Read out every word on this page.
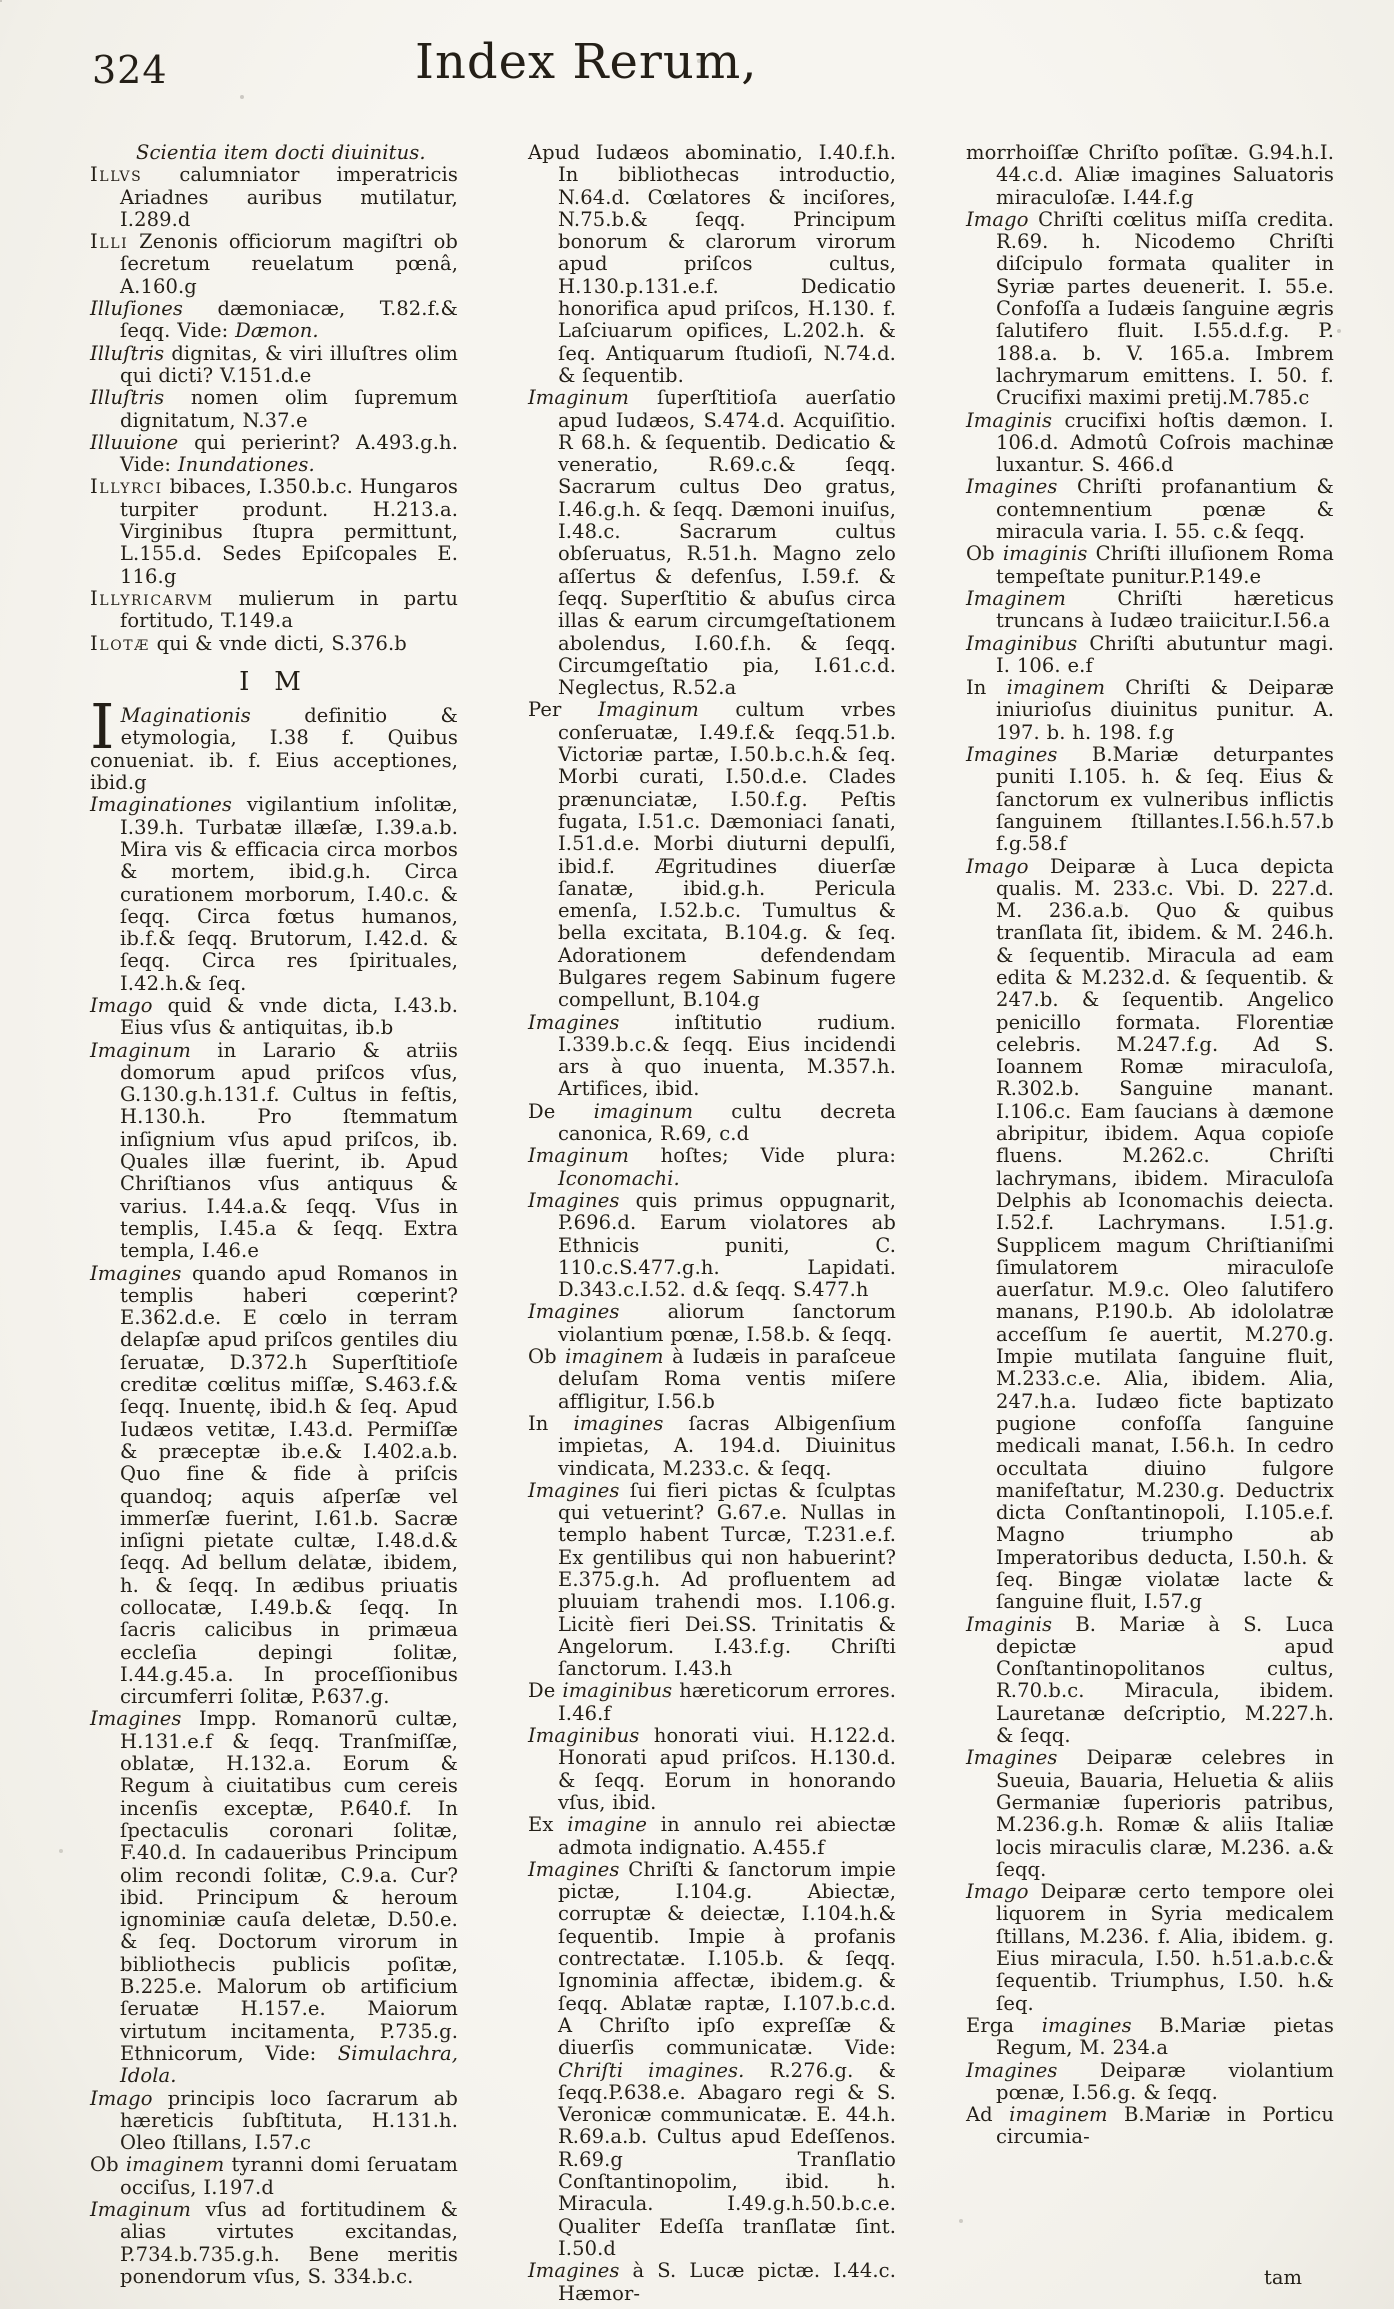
324	Index Rerum,

Scientia item docti diuinitus.

Illvs calumniator imperatricis Ariadnes auribus mutilatur, I.289.d

Illi Zenonis officiorum magiſtri ob ſecretum reuelatum pœnâ, A.160.g

Illuſiones dæmoniacæ, T.82.f.& ſeqq. Vide: Dæmon.

Illuſtris dignitas, & viri illuſtres olim qui dicti? V.151.d.e

Illuſtris nomen olim ſupremum dignitatum, N.37.e

Illuuione qui perierint? A.493.g.h. Vide: Inundationes.

Illyrci bibaces, I.350.b.c. Hungaros turpiter produnt. H.213.a. Virginibus ſtupra permittunt, L.155.d. Sedes Epiſcopales E. 116.g

Illyricarvm mulierum in partu fortitudo, T.149.a

Ilotæ qui & vnde dicti, S.376.b

I M

I Maginationis definitio & etymologia, I.38 f. Quibus conueniat. ib. f. Eius acceptiones, ibid.g

Imaginationes vigilantium inſolitæ, I.39.h. Turbatæ illæſæ, I.39.a.b. Mira vis & efficacia circa morbos & mortem, ibid.g.h. Circa curationem morborum, I.40.c. & ſeqq. Circa fœtus humanos, ib.f.& ſeqq. Brutorum, I.42.d. & ſeqq. Circa res ſpirituales, I.42.h.& ſeq.

Imago quid & vnde dicta, I.43.b. Eius vſus & antiquitas, ib.b

Imaginum in Larario & atriis domorum apud priſcos vſus, G.130.g.h.131.f. Cultus in feſtis, H.130.h. Pro ſtemmatum inſignium vſus apud priſcos, ib. Quales illæ fuerint, ib. Apud Chriſtianos vſus antiquus & varius. I.44.a.& ſeqq. Vſus in templis, I.45.a & ſeqq. Extra templa, I.46.e

Imagines quando apud Romanos in templis haberi cœperint? E.362.d.e. E cœlo in terram delapſæ apud priſcos gentiles diu ſeruatæ, D.372.h Superſtitioſe creditæ cœlitus miſſæ, S.463.f.& ſeqq. Inuentę, ibid.h & ſeq. Apud Iudæos vetitæ, I.43.d. Permiſſæ & præceptæ ib.e.& I.402.a.b. Quo fine & fide à priſcis quandoq; aquis aſperſæ vel immerſæ fuerint, I.61.b. Sacræ inſigni pietate cultæ, I.48.d.& ſeqq. Ad bellum delatæ, ibidem, h. & ſeqq. In ædibus priuatis collocatæ, I.49.b.& ſeqq. In ſacris calicibus in primæua eccleſia depingi ſolitæ, I.44.g.45.a. In proceſſionibus circumferri ſolitæ, P.637.g.

Imagines Impp. Romanorū cultæ, H.131.e.f & ſeqq. Tranſmiſſæ, oblatæ, H.132.a. Eorum & Regum à ciuitatibus cum cereis incenſis exceptæ, P.640.f. In ſpectaculis coronari ſolitæ, F.40.d. In cadaueribus Principum olim recondi ſolitæ, C.9.a. Cur? ibid. Principum & heroum ignominiæ cauſa deletæ, D.50.e. & ſeq. Doctorum virorum in bibliothecis publicis poſitæ, B.225.e. Malorum ob artificium ſeruatæ H.157.e. Maiorum virtutum incitamenta, P.735.g. Ethnicorum, Vide: Simulachra, Idola.

Imago principis loco ſacrarum ab hæreticis ſubſtituta, H.131.h. Oleo ſtillans, I.57.c

Ob imaginem tyranni domi ſeruatam occiſus, I.197.d

Imaginum vſus ad fortitudinem & alias virtutes excitandas, P.734.b.735.g.h. Bene meritis ponendorum vſus, S. 334.b.c.

Apud Iudæos abominatio, I.40.f.h. In bibliothecas introductio, N.64.d. Cœlatores & inciſores, N.75.b.& ſeqq. Principum bonorum & clarorum virorum apud priſcos cultus, H.130.p.131.e.f. Dedicatio honorifica apud priſcos, H.130. f. Laſciuarum opifices, L.202.h. & ſeq. Antiquarum ſtudioſi, N.74.d. & ſequentib.

Imaginum ſuperſtitioſa auerſatio apud Iudæos, S.474.d. Acquiſitio. R 68.h. & ſequentib. Dedicatio & veneratio, R.69.c.& ſeqq. Sacrarum cultus Deo gratus, I.46.g.h. & ſeqq. Dæmoni inuiſus, I.48.c. Sacrarum cultus obſeruatus, R.51.h. Magno zelo aſſertus & defenſus, I.59.f. & ſeqq. Superſtitio & abuſus circa illas & earum circumgeſtationem abolendus, I.60.f.h. & ſeqq. Circumgeſtatio pia, I.61.c.d. Neglectus, R.52.a

Per Imaginum cultum vrbes conſeruatæ, I.49.f.& ſeqq.51.b. Victoriæ partæ, I.50.b.c.h.& ſeq. Morbi curati, I.50.d.e. Clades prænunciatæ, I.50.f.g. Peſtis fugata, I.51.c. Dæmoniaci ſanati, I.51.d.e. Morbi diuturni depulſi, ibid.f. Ægritudines diuerſæ ſanatæ, ibid.g.h. Pericula emenſa, I.52.b.c. Tumultus & bella excitata, B.104.g. & ſeq. Adorationem defendendam Bulgares regem Sabinum fugere compellunt, B.104.g

Imagines inſtitutio rudium. I.339.b.c.& ſeqq. Eius incidendi ars à quo inuenta, M.357.h. Artifices, ibid.

De imaginum cultu decreta canonica, R.69, c.d

Imaginum hoſtes; Vide plura: Iconomachi.

Imagines quis primus oppugnarit, P.696.d. Earum violatores ab Ethnicis puniti, C. 110.c.S.477.g.h. Lapidati. D.343.c.I.52. d.& ſeqq. S.477.h

Imagines aliorum ſanctorum violantium pœnæ, I.58.b. & ſeqq.

Ob imaginem à Iudæis in paraſceue deluſam Roma ventis miſere affligitur, I.56.b

In imagines ſacras Albigenſium impietas, A. 194.d. Diuinitus vindicata, M.233.c. & ſeqq.

Imagines ſui fieri pictas & ſculptas qui vetuerint? G.67.e. Nullas in templo habent Turcæ, T.231.e.f. Ex gentilibus qui non habuerint? E.375.g.h. Ad profluentem ad pluuiam trahendi mos. I.106.g. Licitè fieri Dei.SS. Trinitatis & Angelorum. I.43.f.g. Chriſti ſanctorum. I.43.h

De imaginibus hæreticorum errores. I.46.f

Imaginibus honorati viui. H.122.d. Honorati apud priſcos. H.130.d. & ſeqq. Eorum in honorando vſus, ibid.

Ex imagine in annulo rei abiectæ admota indignatio. A.455.f

Imagines Chriſti & ſanctorum impie pictæ, I.104.g. Abiectæ, corruptæ & deiectæ, I.104.h.& ſequentib. Impie à profanis contrectatæ. I.105.b. & ſeqq. Ignominia affectæ, ibidem.g. & ſeqq. Ablatæ raptæ, I.107.b.c.d. A Chriſto ipſo expreſſæ & diuerſis communicatæ. Vide: Chriſti imagines. R.276.g. & ſeqq.P.638.e. Abagaro regi & S. Veronicæ communicatæ. E. 44.h. R.69.a.b. Cultus apud Edeſſenos. R.69.g Tranſlatio Conſtantinopolim, ibid. h. Miracula. I.49.g.h.50.b.c.e. Qualiter Edeſſa tranſlatæ ſint. I.50.d

Imagines à S. Lucæ pictæ. I.44.c. Hæmor-

morrhoiſſæ Chriſto poſitæ. G.94.h.I. 44.c.d. Aliæ imagines Saluatoris miraculoſæ. I.44.f.g

Imago Chriſti cœlitus miſſa credita. R.69. h. Nicodemo Chriſti diſcipulo formata qualiter in Syriæ partes deuenerit. I. 55.e. Confoſſa a Iudæis ſanguine ægris ſalutifero fluit. I.55.d.f.g. P. 188.a. b. V. 165.a. Imbrem lachrymarum emittens. I. 50. f. Crucifixi maximi pretij.M.785.c

Imaginis crucifixi hoſtis dæmon. I. 106.d. Admotû Coſrois machinæ luxantur. S. 466.d

Imagines Chriſti profanantium & contemnentium pœnæ & miracula varia. I. 55. c.& ſeqq.

Ob imaginis Chriſti illuſionem Roma tempeſtate punitur.P.149.e

Imaginem Chriſti hæreticus truncans à Iudæo traiicitur.I.56.a

Imaginibus Chriſti abutuntur magi. I. 106. e.f

In imaginem Chriſti & Deiparæ iniurioſus diuinitus punitur. A. 197. b. h. 198. f.g

Imagines B.Mariæ deturpantes puniti I.105. h. & ſeq. Eius & ſanctorum ex vulneribus inflictis ſanguinem ſtillantes.I.56.h.57.b f.g.58.f

Imago Deiparæ à Luca depicta qualis. M. 233.c. Vbi. D. 227.d. M. 236.a.b. Quo & quibus tranſlata ſit, ibidem. & M. 246.h. & ſequentib. Miracula ad eam edita & M.232.d. & ſequentib. & 247.b. & ſequentib. Angelico penicillo formata. Florentiæ celebris. M.247.f.g. Ad S. Ioannem Romæ miraculoſa, R.302.b. Sanguine manant. I.106.c. Eam ſaucians à dæmone abripitur, ibidem. Aqua copioſe fluens. M.262.c. Chriſti lachrymans, ibidem. Miraculoſa Delphis ab Iconomachis deiecta. I.52.f. Lachrymans. I.51.g. Supplicem magum Chriſtianiſmi ſimulatorem miraculoſe auerſatur. M.9.c. Oleo ſalutifero manans, P.190.b. Ab idololatræ acceſſum ſe auertit, M.270.g. Impie mutilata ſanguine fluit, M.233.c.e. Alia, ibidem. Alia, 247.h.a. Iudæo ficte baptizato pugione confoſſa ſanguine medicali manat, I.56.h. In cedro occultata diuino fulgore manifeſtatur, M.230.g. Deductrix dicta Conſtantinopoli, I.105.e.f. Magno triumpho ab Imperatoribus deducta, I.50.h. & ſeq. Bingæ violatæ lacte & ſanguine fluit, I.57.g

Imaginis B. Mariæ à S. Luca depictæ apud Conſtantinopolitanos cultus, R.70.b.c. Miracula, ibidem. Lauretanæ deſcriptio, M.227.h. & ſeqq.

Imagines Deiparæ celebres in Sueuia, Bauaria, Heluetia & aliis Germaniæ ſuperioris patribus, M.236.g.h. Romæ & aliis Italiæ locis miraculis claræ, M.236. a.& ſeqq.

Imago Deiparæ certo tempore olei liquorem in Syria medicalem ſtillans, M.236. f. Alia, ibidem. g. Eius miracula, I.50. h.51.a.b.c.& ſequentib. Triumphus, I.50. h.& ſeq.

Erga imagines B.Mariæ pietas Regum, M. 234.a

Imagines Deiparæ violantium pœnæ, I.56.g. & ſeqq.

Ad imaginem B.Mariæ in Porticu circumia-

tam
